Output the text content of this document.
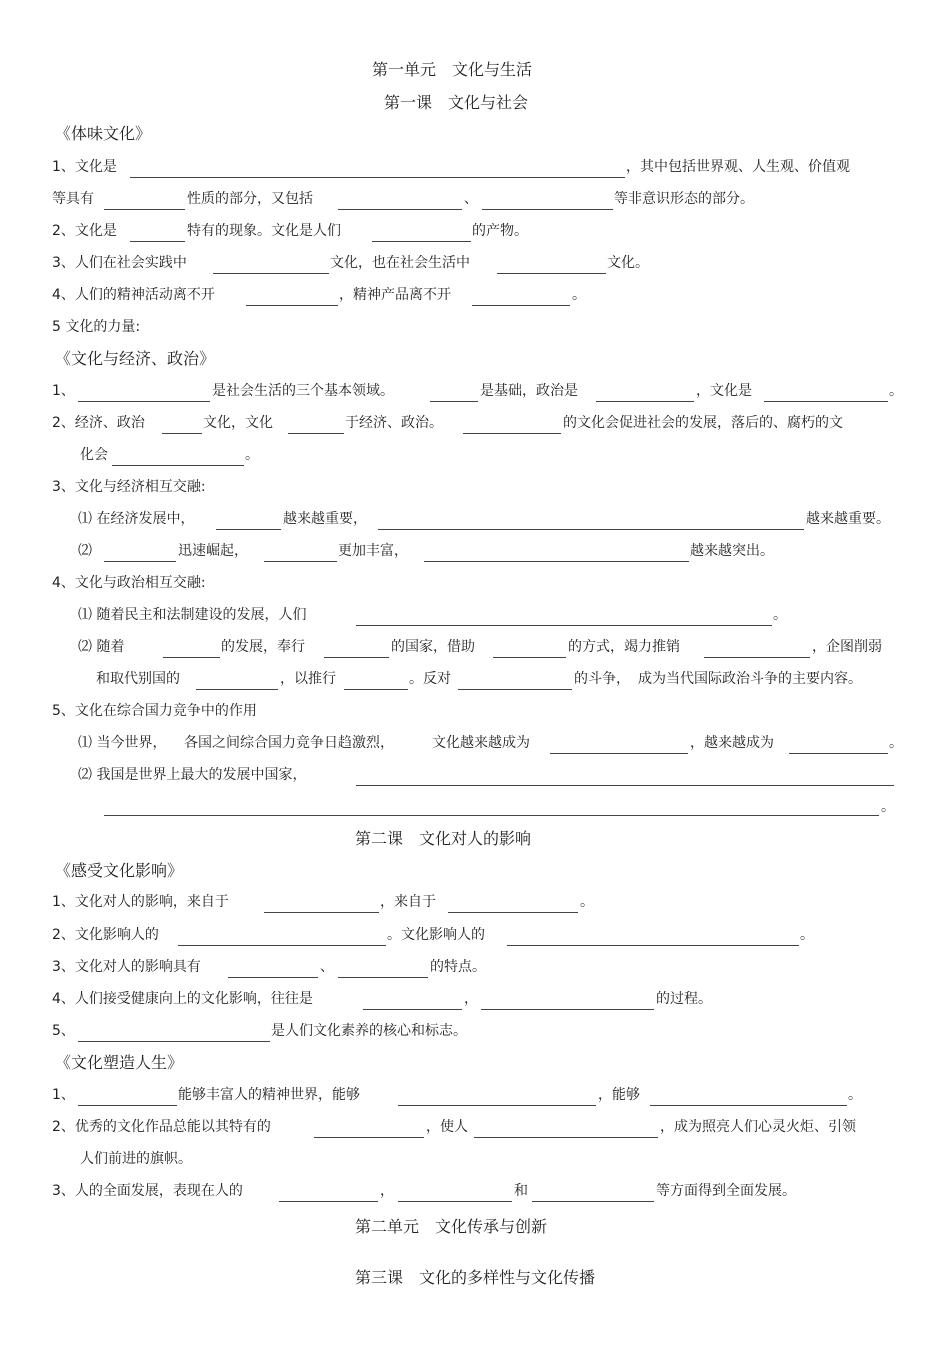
第一单元　文化与生活
第一课　文化与社会
《体味文化》
1、文化是	，其中包括世界观、人生观、价值观
等具有	性质的部分，又包括	、	等非意识形态的部分。
2、文化是	特有的现象。文化是人们	的产物。
3、人们在社会实践中	文化，也在社会生活中	文化。
4、人们的精神活动离不开	，精神产品离不开	。
5 文化的力量:
《文化与经济、政治》
1、	是社会生活的三个基本领域。	是基础，政治是	，文化是	。
2、经济、政治	文化，文化	于经济、政治。	的文化会促进社会的发展，落后的、腐朽的文
化会	。
3、文化与经济相互交融:
⑴ 在经济发展中，	越来越重要，	越来越重要。
⑵	迅速崛起，	更加丰富，	越来越突出。
4、文化与政治相互交融:
⑴ 随着民主和法制建设的发展，人们	。
⑵ 随着	的发展，奉行	的国家，借助	的方式，竭力推销	，企图削弱
和取代别国的	，以推行	。反对	的斗争， 成为当代国际政治斗争的主要内容。
5、文化在综合国力竞争中的作用
⑴ 当今世界， 各国之间综合国力竞争日趋激烈，	文化越来越成为	，越来越成为	。
⑵ 我国是世界上最大的发展中国家，
。
第二课　文化对人的影响
《感受文化影响》
1、文化对人的影响，来自于	，来自于	。
2、文化影响人的	。文化影响人的	。
3、文化对人的影响具有	、	的特点。
4、人们接受健康向上的文化影响，往往是	，	的过程。
5、	是人们文化素养的核心和标志。
《文化塑造人生》
1、	能够丰富人的精神世界，能够	，能够	。
2、优秀的文化作品总能以其特有的	，使人	，成为照亮人们心灵火炬、引领
人们前进的旗帜。
3、人的全面发展，表现在人的	，	和	等方面得到全面发展。
第二单元　文化传承与创新
第三课　文化的多样性与文化传播
